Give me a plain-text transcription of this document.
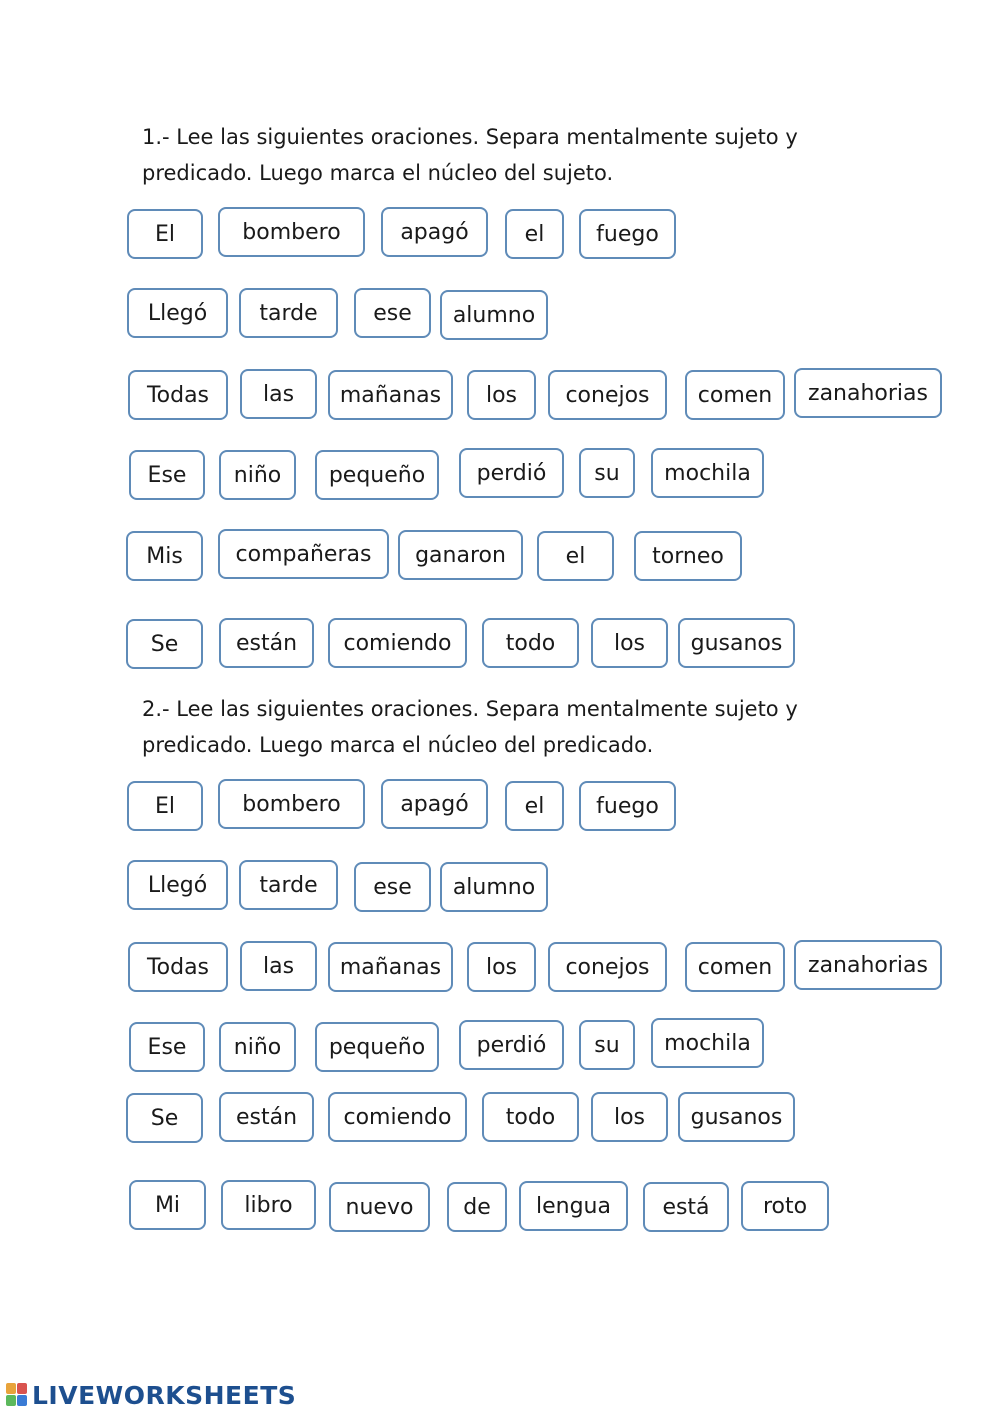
1.- Lee las siguientes oraciones. Separa mentalmente sujeto y
predicado. Luego marca el núcleo del sujeto.

El	bombero	apagó	el fuego
Llegó tarde	ese alumno
Todas las mañanas los conejos comen zanahorias
Ese niño pequeño perdió su mochila
Mis compañeras ganaron	el	torneo
Se	están comiendo todo	los gusanos

2.- Lee las siguientes oraciones. Separa mentalmente sujeto y
predicado. Luego marca el núcleo del predicado.

El	bombero	apagó	el fuego
Llegó tarde	ese alumno
Todas las mañanas los conejos comen zanahorias
Ese niño pequeño perdió su mochila
Se	están comiendo todo	los gusanos
Mi	libro nuevo de lengua está roto
LIVEWORKSHEETS
